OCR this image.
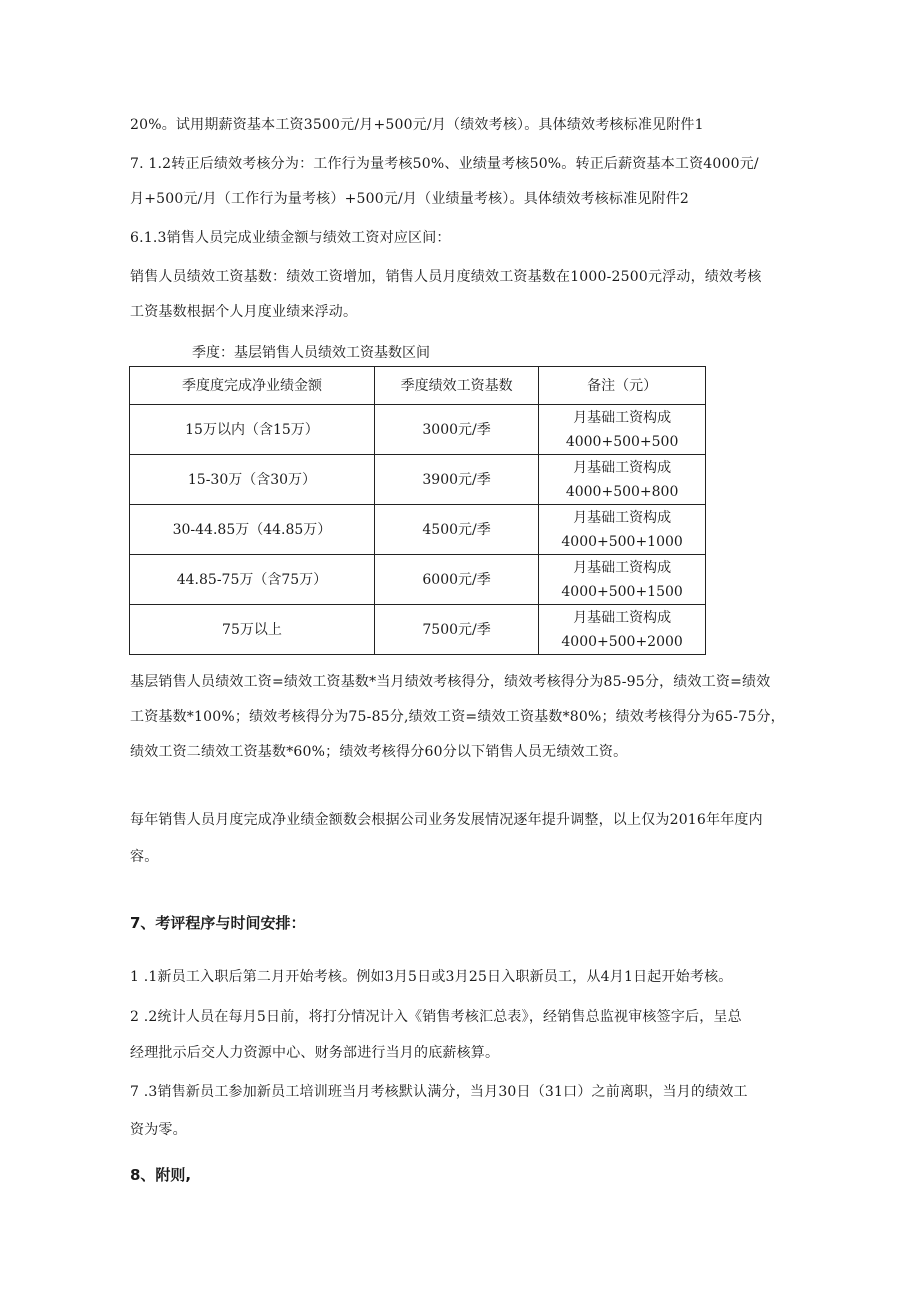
20%。试用期薪资基本工资3500元/月+500元/月（绩效考核）。具体绩效考核标准见附件1
7. 1.2转正后绩效考核分为：工作行为量考核50%、业绩量考核50%。转正后薪资基本工资4000元/
月+500元/月（工作行为量考核）+500元/月（业绩量考核）。具体绩效考核标准见附件2
6.1.3销售人员完成业绩金额与绩效工资对应区间：
销售人员绩效工资基数：绩效工资增加，销售人员月度绩效工资基数在1000-2500元浮动，绩效考核
工资基数根据个人月度业绩来浮动。
季度：基层销售人员绩效工资基数区间
季度度完成净业绩金额	季度绩效工资基数	备注（元）
15万以内（含15万）	3000元/季	月基础工资构成
4000+500+500

15-30万（含30万）	3900元/季	月基础工资构成
4000+500+800

30-44.85万（44.85万）	4500元/季	月基础工资构成
4000+500+1000

44.85-75万（含75万）	6000元/季	月基础工资构成
4000+500+1500

75万以上	7500元/季	月基础工资构成
4000+500+2000
基层销售人员绩效工资=绩效工资基数*当月绩效考核得分，绩效考核得分为85-95分，绩效工资=绩效
工资基数*100%；绩效考核得分为75-85分,绩效工资=绩效工资基数*80%；绩效考核得分为65-75分，
绩效工资二绩效工资基数*60%；绩效考核得分60分以下销售人员无绩效工资。
每年销售人员月度完成净业绩金额数会根据公司业务发展情况逐年提升调整，以上仅为2016年年度内
容。
7、考评程序与时间安排：
1 .1新员工入职后第二月开始考核。例如3月5日或3月25日入职新员工，从4月1日起开始考核。
2 .2统计人员在每月5日前，将打分情况计入《销售考核汇总表》，经销售总监视审核签字后，呈总
经理批示后交人力资源中心、财务部进行当月的底薪核算。
7 .3销售新员工参加新员工培训班当月考核默认满分，当月30日（31口）之前离职，当月的绩效工
资为零。
8、附则,
